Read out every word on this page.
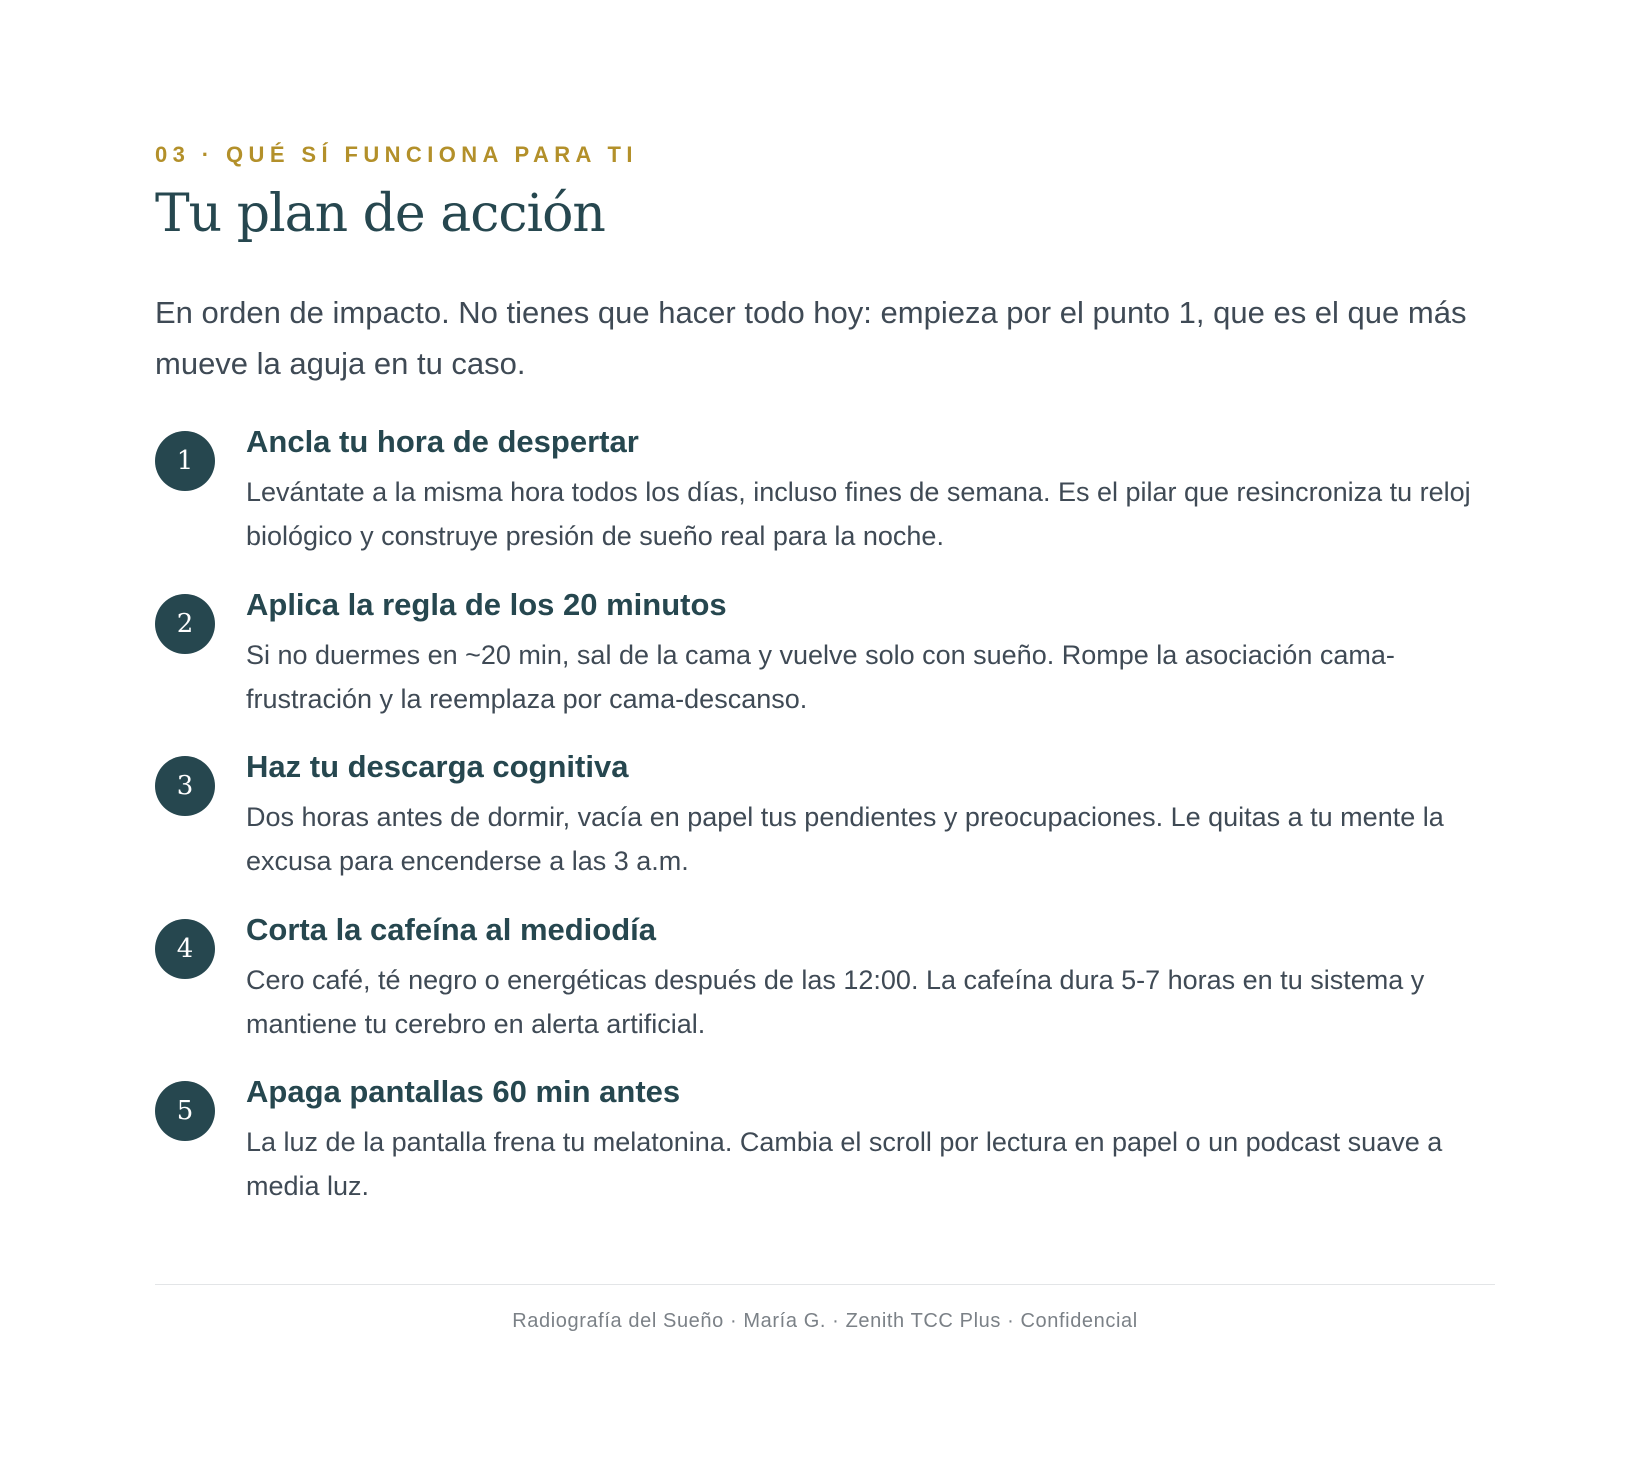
03 · QUÉ SÍ FUNCIONA PARA TI
Tu plan de acción

En orden de impacto. No tienes que hacer todo hoy: empieza por el punto 1, que es el que más mueve la aguja en tu caso.

1
Ancla tu hora de despertar
Levántate a la misma hora todos los días, incluso fines de semana. Es el pilar que resincroniza tu reloj biológico y construye presión de sueño real para la noche.
2
Aplica la regla de los 20 minutos
Si no duermes en ~20 min, sal de la cama y vuelve solo con sueño. Rompe la asociación cama-frustración y la reemplaza por cama-descanso.
3
Haz tu descarga cognitiva
Dos horas antes de dormir, vacía en papel tus pendientes y preocupaciones. Le quitas a tu mente la excusa para encenderse a las 3 a.m.
4
Corta la cafeína al mediodía
Cero café, té negro o energéticas después de las 12:00. La cafeína dura 5-7 horas en tu sistema y mantiene tu cerebro en alerta artificial.
5
Apaga pantallas 60 min antes
La luz de la pantalla frena tu melatonina. Cambia el scroll por lectura en papel o un podcast suave a media luz.
Radiografía del Sueño · María G. · Zenith TCC Plus · Confidencial
